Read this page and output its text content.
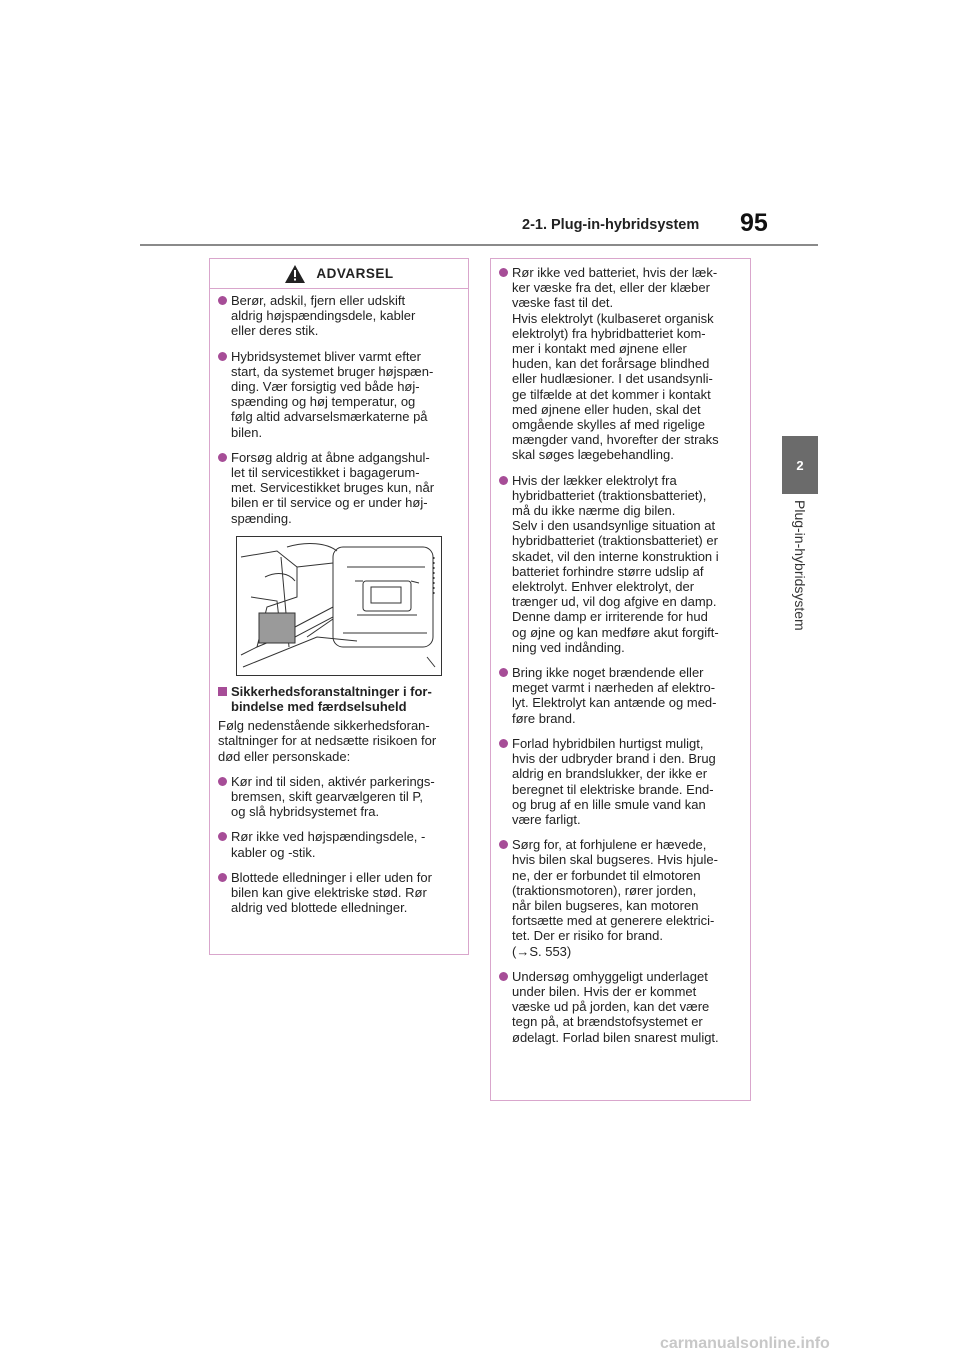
2-1. Plug-in-hybridsystem 95
2
Plug-in-hybridsystem
ADVARSEL
Berør, adskil, fjern eller udskift
aldrig højspændingsdele, kabler
eller deres stik.
Hybridsystemet bliver varmt efter
start, da systemet bruger højspæn-
ding. Vær forsigtig ved både høj-
spænding og høj temperatur, og
følg altid advarselsmærkaterne på
bilen.
Forsøg aldrig at åbne adgangshul-
let til servicestikket i bagagerum-
met. Servicestikket bruges kun, når
bilen er til service og er under høj-
spænding.
Sikkerhedsforanstaltninger i for-
bindelse med færdselsuheld
Følg nedenstående sikkerhedsforan-
staltninger for at nedsætte risikoen for
død eller personskade:
Kør ind til siden, aktivér parkerings-
bremsen, skift gearvælgeren til P,
og slå hybridsystemet fra.
Rør ikke ved højspændingsdele, -
kabler og -stik.
Blottede elledninger i eller uden for
bilen kan give elektriske stød. Rør
aldrig ved blottede elledninger.
Rør ikke ved batteriet, hvis der læk-
ker væske fra det, eller der klæber
væske fast til det.
Hvis elektrolyt (kulbaseret organisk
elektrolyt) fra hybridbatteriet kom-
mer i kontakt med øjnene eller
huden, kan det forårsage blindhed
eller hudlæsioner. I det usandsynli-
ge tilfælde at det kommer i kontakt
med øjnene eller huden, skal det
omgående skylles af med rigelige
mængder vand, hvorefter der straks
skal søges lægebehandling.
Hvis der lækker elektrolyt fra
hybridbatteriet (traktionsbatteriet),
må du ikke nærme dig bilen.
Selv i den usandsynlige situation at
hybridbatteriet (traktionsbatteriet) er
skadet, vil den interne konstruktion i
batteriet forhindre større udslip af
elektrolyt. Enhver elektrolyt, der
trænger ud, vil dog afgive en damp.
Denne damp er irriterende for hud
og øjne og kan medføre akut forgift-
ning ved indånding.
Bring ikke noget brændende eller
meget varmt i nærheden af elektro-
lyt. Elektrolyt kan antænde og med-
føre brand.
Forlad hybridbilen hurtigst muligt,
hvis der udbryder brand i den. Brug
aldrig en brandslukker, der ikke er
beregnet til elektriske brande. End-
og brug af en lille smule vand kan
være farligt.
Sørg for, at forhjulene er hævede,
hvis bilen skal bugseres. Hvis hjule-
ne, der er forbundet til elmotoren
(traktionsmotoren), rører jorden,
når bilen bugseres, kan motoren
fortsætte med at generere elektrici-
tet. Der er risiko for brand.
(→S. 553)
Undersøg omhyggeligt underlaget
under bilen. Hvis der er kommet
væske ud på jorden, kan det være
tegn på, at brændstofsystemet er
ødelagt. Forlad bilen snarest muligt.
carmanualsonline.info
